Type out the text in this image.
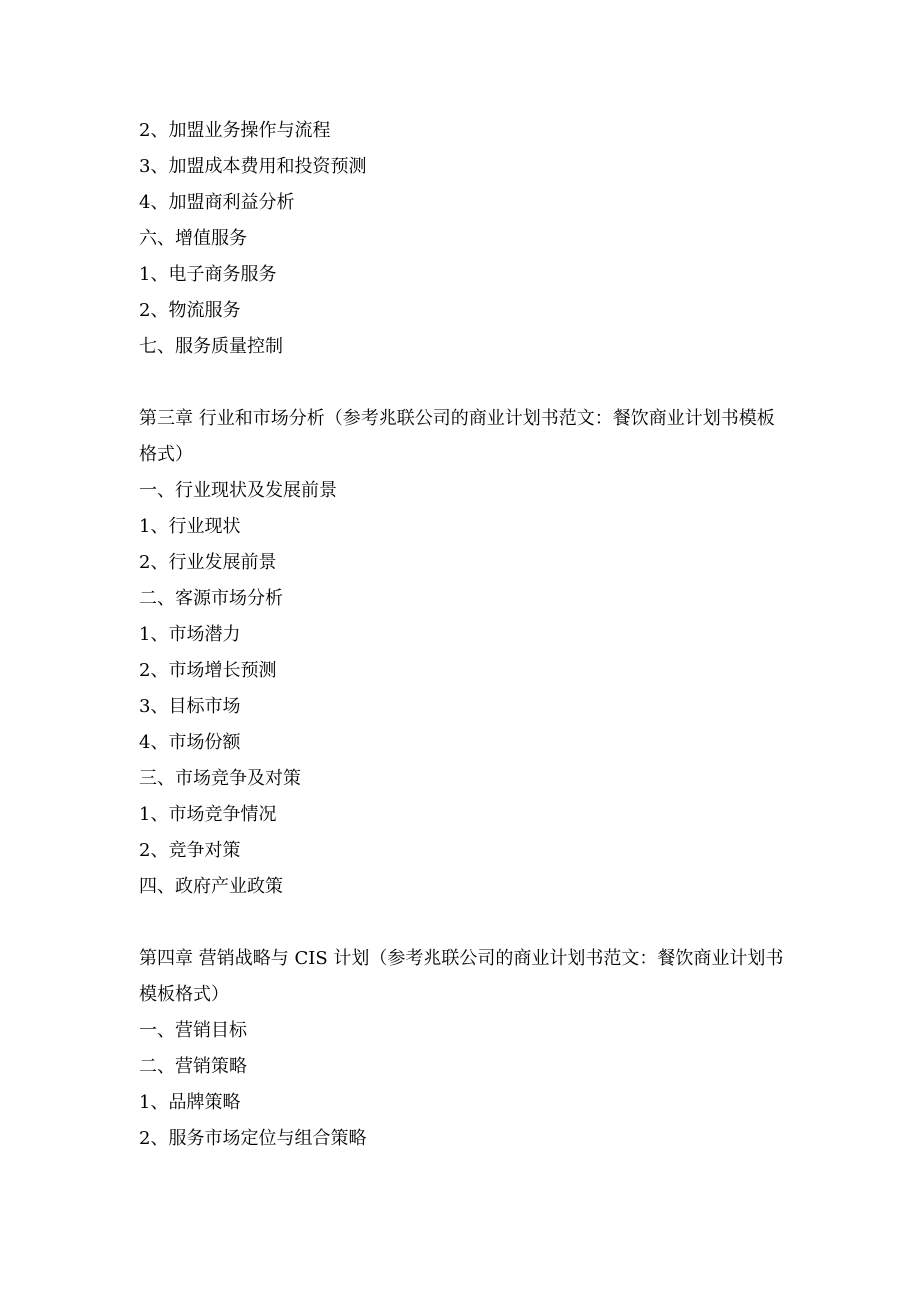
2、加盟业务操作与流程
3、加盟成本费用和投资预测
4、加盟商利益分析
六、增值服务
1、电子商务服务
2、物流服务
七、服务质量控制
第三章 行业和市场分析（参考兆联公司的商业计划书范文：餐饮商业计划书模板格式）
一、行业现状及发展前景
1、行业现状
2、行业发展前景
二、客源市场分析
1、市场潜力
2、市场增长预测
3、目标市场
4、市场份额
三、市场竞争及对策
1、市场竞争情况
2、竞争对策
四、政府产业政策
第四章 营销战略与 CIS 计划（参考兆联公司的商业计划书范文：餐饮商业计划书模板格式）
一、营销目标
二、营销策略
1、品牌策略
2、服务市场定位与组合策略
